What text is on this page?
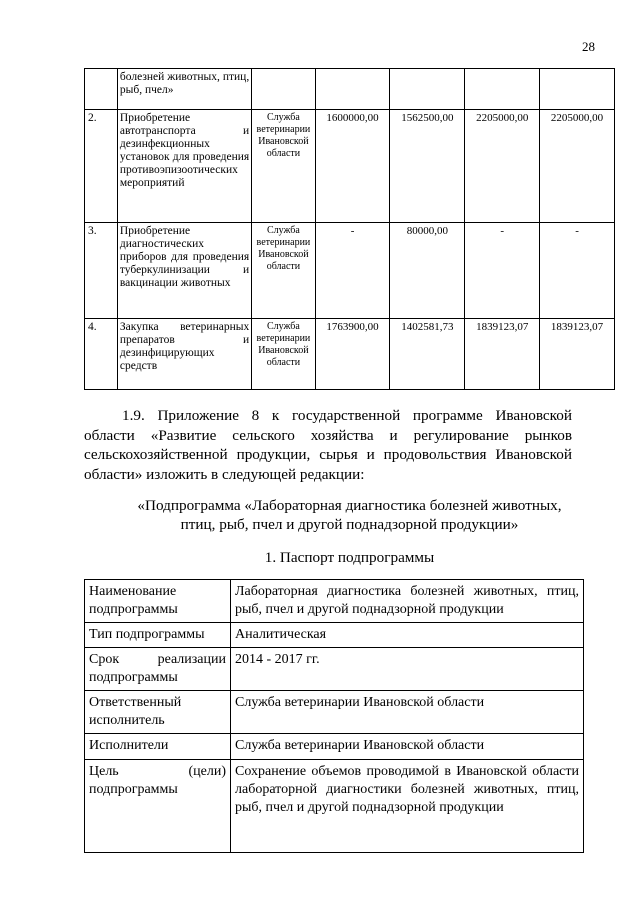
28
	болезней животных, птиц, рыб, пчел»					
2.	Приобретение автотранспорта и дезинфекционных установок для проведения противоэпизоотических мероприятий	Служба ветеринарии Ивановской области	1600000,00	1562500,00	2205000,00	2205000,00
3.	Приобретение диагностических приборов для проведения туберкулинизации и вакцинации животных	Служба ветеринарии Ивановской области	-	80000,00	-	-
4.	Закупка ветеринарных препаратов и дезинфицирующих средств	Служба ветеринарии Ивановской области	1763900,00	1402581,73	1839123,07	1839123,07
1.9. Приложение 8 к государственной программе Ивановской области «Развитие сельского хозяйства и регулирование рынков сельскохозяйственной продукции, сырья и продовольствия Ивановской области» изложить в следующей редакции:
«Подпрограмма «Лабораторная диагностика болезней животных,
птиц, рыб, пчел и другой поднадзорной продукции»
1. Паспорт подпрограммы
Наименование подпрограммы	Лабораторная диагностика болезней животных, птиц, рыб, пчел и другой поднадзорной продукции
Тип подпрограммы	Аналитическая
Срок реализации подпрограммы	2014 - 2017 гг.
Ответственный исполнитель	Служба ветеринарии Ивановской области
Исполнители	Служба ветеринарии Ивановской области
Цель (цели) подпрограммы	Сохранение объемов проводимой в Ивановской области лабораторной диагностики болезней животных, птиц, рыб, пчел и другой поднадзорной продукции
